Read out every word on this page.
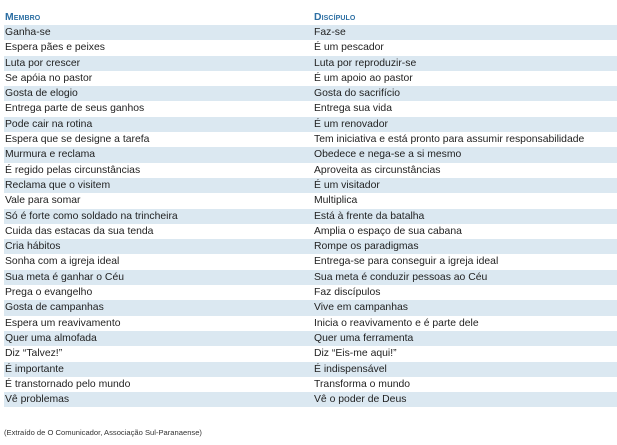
Membro	Discípulo
Ganha-se	Faz-se
Espera pães e peixes	É um pescador
Luta por crescer	Luta por reproduzir-se
Se apóia no pastor	É um apoio ao pastor
Gosta de elogio	Gosta do sacrifício
Entrega parte de seus ganhos	Entrega sua vida
Pode cair na rotina	É um renovador
Espera que se designe a tarefa	Tem iniciativa e está pronto para assumir responsabilidade
Murmura e reclama	Obedece e nega-se a si mesmo
É regido pelas circunstâncias	Aproveita as circunstâncias
Reclama que o visitem	É um visitador
Vale para somar	Multiplica
Só é forte como soldado na trincheira	Está à frente da batalha
Cuida das estacas da sua tenda	Amplia o espaço de sua cabana
Cria hábitos	Rompe os paradigmas
Sonha com a igreja ideal	Entrega-se para conseguir a igreja ideal
Sua meta é ganhar o Céu	Sua meta é conduzir pessoas ao Céu
Prega o evangelho	Faz discípulos
Gosta de campanhas	Vive em campanhas
Espera um reavivamento	Inicia o reavivamento e é parte dele
Quer uma almofada	Quer uma ferramenta
Diz “Talvez!”	Diz “Eis-me aqui!”
É importante	É indispensável
É transtornado pelo mundo	Transforma o mundo
Vê problemas	Vê o poder de Deus
(Extraído de O Comunicador, Associação Sul-Paranaense)
